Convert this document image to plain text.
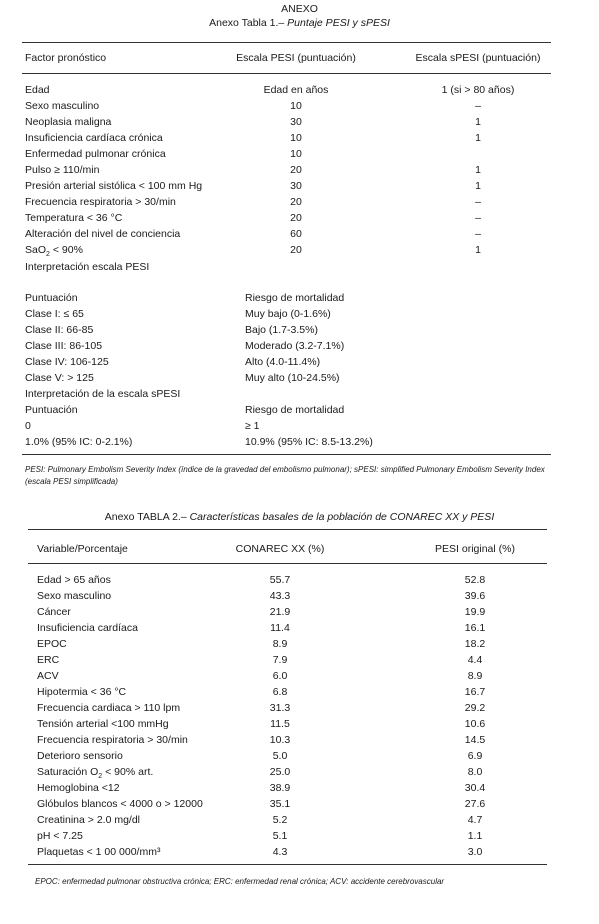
ANEXO
Anexo Tabla 1.– Puntaje PESI y sPESI
Factor pronóstico	Escala PESI (puntuación)	Escala sPESI (puntuación)
Edad	Edad en años	1 (si > 80 años)
Sexo masculino	10	–
Neoplasia maligna	30	1
Insuficiencia cardíaca crónica	10	1
Enfermedad pulmonar crónica	10
Pulso ≥ 110/min	20	1
Presión arterial sistólica < 100 mm Hg	30	1
Frecuencia respiratoria > 30/min	20	–
Temperatura < 36 °C	20	–
Alteración del nivel de conciencia	60	–
SaO$_2$ < 90%	20	1
Interpretación escala PESI
Puntuación	Riesgo de mortalidad
Clase I: ≤ 65	Muy bajo (0-1.6%)
Clase II: 66-85	Bajo (1.7-3.5%)
Clase III: 86-105	Moderado (3.2-7.1%)
Clase IV: 106-125	Alto (4.0-11.4%)
Clase V: > 125	Muy alto (10-24.5%)
Interpretación de la escala sPESI
Puntuación	Riesgo de mortalidad
0	≥ 1
1.0% (95% IC: 0-2.1%)	10.9% (95% IC: 8.5-13.2%)
PESI: Pulmonary Embolism Severity Index (índice de la gravedad del embolismo pulmonar); sPESI: simplified Pulmonary Embolism Severity Index (escala PESI simplificada)
Anexo TABLA 2.– Características basales de la población de CONAREC XX y PESI
Variable/Porcentaje	CONAREC XX (%)	PESI original (%)
Edad > 65 años	55.7	52.8
Sexo masculino	43.3	39.6
Cáncer	21.9	19.9
Insuficiencia cardíaca	11.4	16.1
EPOC	8.9	18.2
ERC	7.9	4.4
ACV	6.0	8.9
Hipotermia < 36 °C	6.8	16.7
Frecuencia cardiaca > 110 lpm	31.3	29.2
Tensión arterial <100 mmHg	11.5	10.6
Frecuencia respiratoria > 30/min	10.3	14.5
Deterioro sensorio	5.0	6.9
Saturación $O_2 < 90\%$ art.	25.0	8.0
Hemoglobina <12	38.9	30.4
Glóbulos blancos < 4000 o > 12000	35.1	27.6
Creatinina > 2.0 mg/dl	5.2	4.7
pH < 7.25	5.1	1.1
Plaquetas < 1 00 000/mm³	4.3	3.0
EPOC: enfermedad pulmonar obstructiva crónica; ERC: enfermedad renal crónica; ACV: accidente cerebrovascular
